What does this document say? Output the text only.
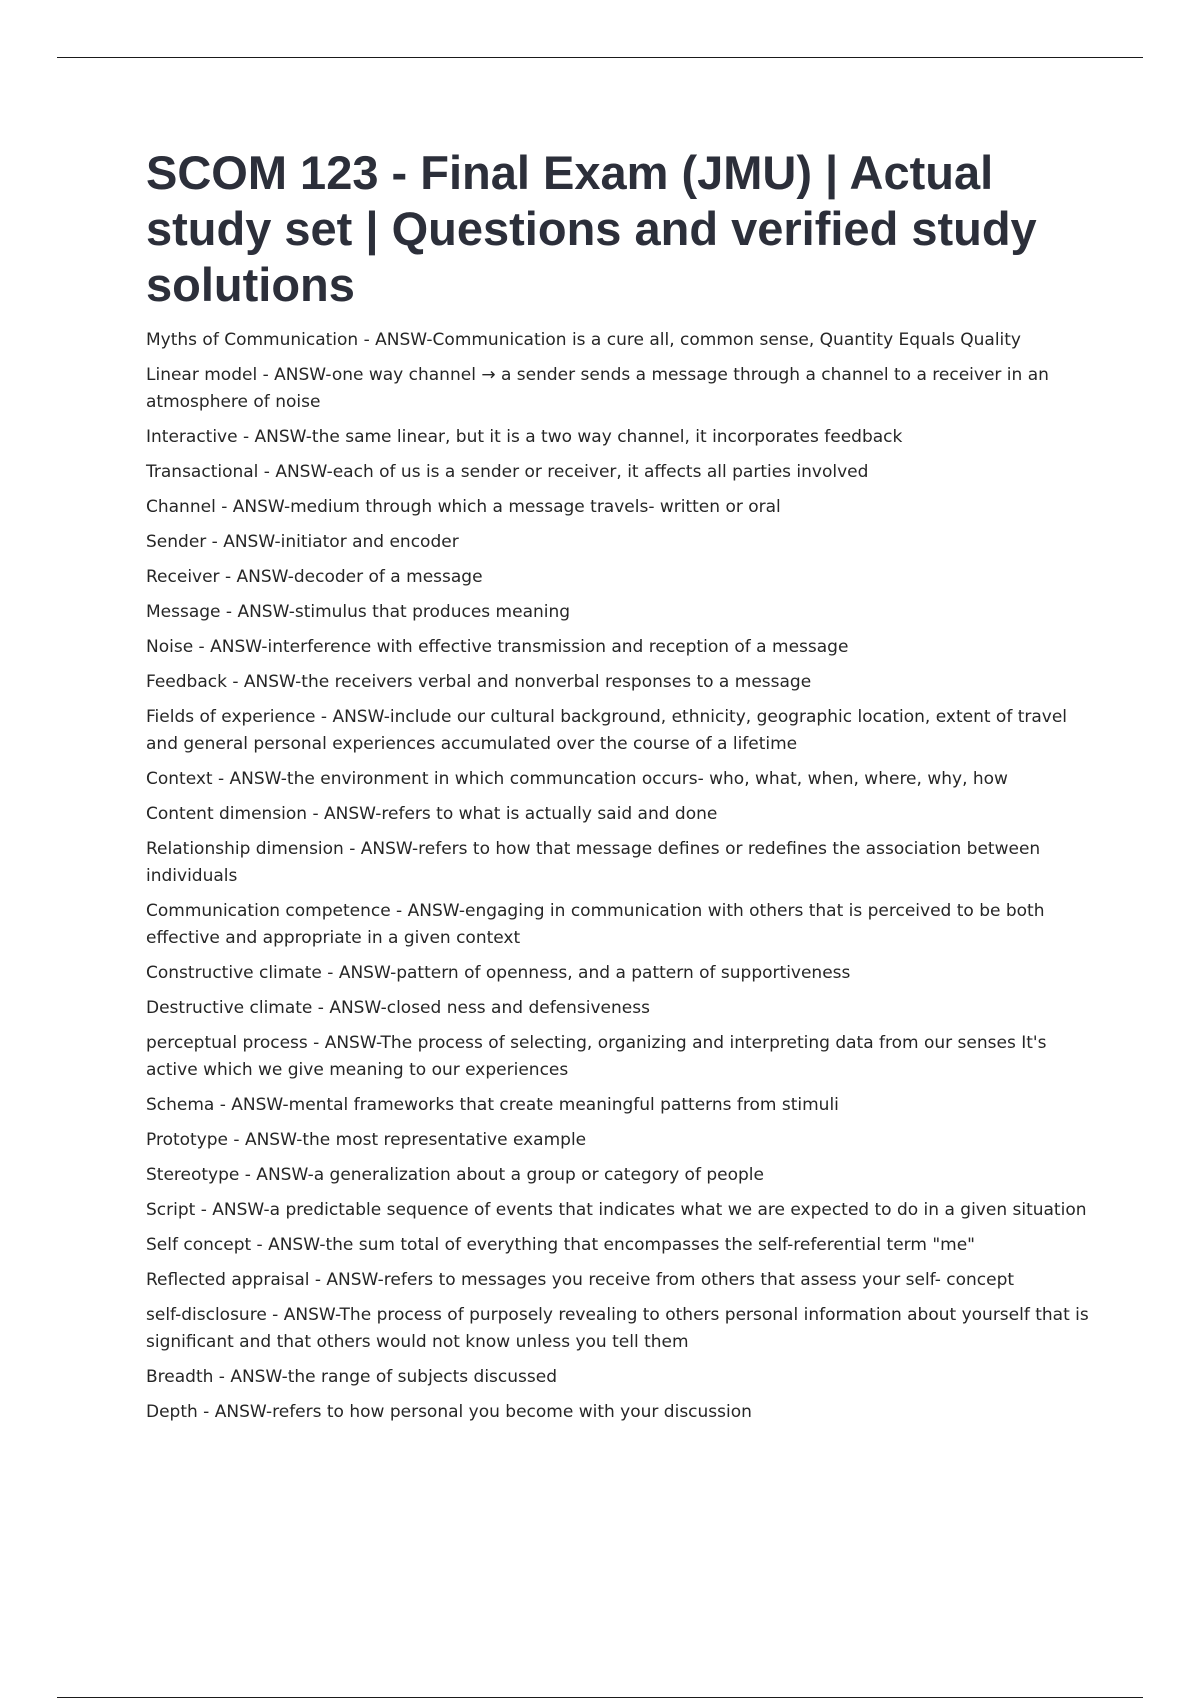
SCOM 123 - Final Exam (JMU) | Actual study set | Questions and verified study solutions

Myths of Communication - ANSW-Communication is a cure all, common sense, Quantity Equals Quality

Linear model - ANSW-one way channel → a sender sends a message through a channel to a receiver in an atmosphere of noise

Interactive - ANSW-the same linear, but it is a two way channel, it incorporates feedback

Transactional - ANSW-each of us is a sender or receiver, it affects all parties involved

Channel - ANSW-medium through which a message travels- written or oral

Sender - ANSW-initiator and encoder

Receiver - ANSW-decoder of a message

Message - ANSW-stimulus that produces meaning

Noise - ANSW-interference with effective transmission and reception of a message

Feedback - ANSW-the receivers verbal and nonverbal responses to a message

Fields of experience - ANSW-include our cultural background, ethnicity, geographic location, extent of travel and general personal experiences accumulated over the course of a lifetime

Context - ANSW-the environment in which communcation occurs- who, what, when, where, why, how

Content dimension - ANSW-refers to what is actually said and done

Relationship dimension - ANSW-refers to how that message defines or redefines the association between individuals

Communication competence - ANSW-engaging in communication with others that is perceived to be both effective and appropriate in a given context

Constructive climate - ANSW-pattern of openness, and a pattern of supportiveness

Destructive climate - ANSW-closed ness and defensiveness

perceptual process - ANSW-The process of selecting, organizing and interpreting data from our senses It's active which we give meaning to our experiences

Schema - ANSW-mental frameworks that create meaningful patterns from stimuli

Prototype - ANSW-the most representative example

Stereotype - ANSW-a generalization about a group or category of people

Script - ANSW-a predictable sequence of events that indicates what we are expected to do in a given situation

Self concept - ANSW-the sum total of everything that encompasses the self-referential term "me"

Reflected appraisal - ANSW-refers to messages you receive from others that assess your self- concept

self-disclosure - ANSW-The process of purposely revealing to others personal information about yourself that is significant and that others would not know unless you tell them

Breadth - ANSW-the range of subjects discussed

Depth - ANSW-refers to how personal you become with your discussion
